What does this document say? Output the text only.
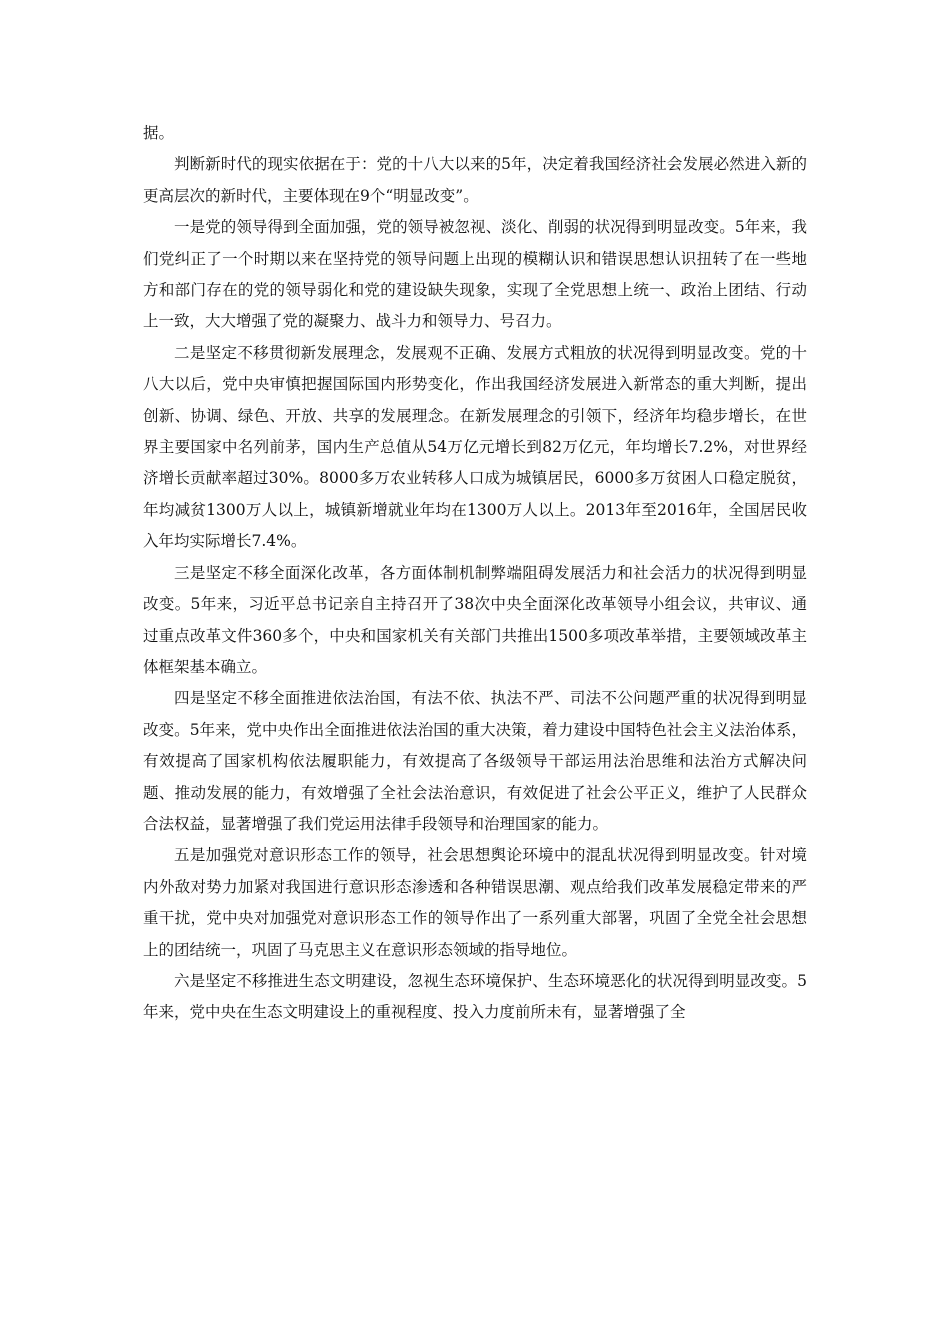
据。

判断新时代的现实依据在于：党的十八大以来的5年，决定着我国经济社会发展必然进入新的更高层次的新时代，主要体现在9个“明显改变”。

一是党的领导得到全面加强，党的领导被忽视、淡化、削弱的状况得到明显改变。5年来，我们党纠正了一个时期以来在坚持党的领导问题上出现的模糊认识和错误思想认识扭转了在一些地方和部门存在的党的领导弱化和党的建设缺失现象，实现了全党思想上统一、政治上团结、行动上一致，大大增强了党的凝聚力、战斗力和领导力、号召力。

二是坚定不移贯彻新发展理念，发展观不正确、发展方式粗放的状况得到明显改变。党的十八大以后，党中央审慎把握国际国内形势变化，作出我国经济发展进入新常态的重大判断，提出创新、协调、绿色、开放、共享的发展理念。在新发展理念的引领下，经济年均稳步增长，在世界主要国家中名列前茅，国内生产总值从54万亿元增长到82万亿元，年均增长7.2%，对世界经济增长贡献率超过30%。8000多万农业转移人口成为城镇居民，6000多万贫困人口稳定脱贫，年均减贫1300万人以上，城镇新增就业年均在1300万人以上。2013年至2016年，全国居民收入年均实际增长7.4%。

三是坚定不移全面深化改革，各方面体制机制弊端阻碍发展活力和社会活力的状况得到明显改变。5年来，习近平总书记亲自主持召开了38次中央全面深化改革领导小组会议，共审议、通过重点改革文件360多个，中央和国家机关有关部门共推出1500多项改革举措，主要领域改革主体框架基本确立。

四是坚定不移全面推进依法治国，有法不依、执法不严、司法不公问题严重的状况得到明显改变。5年来，党中央作出全面推进依法治国的重大决策，着力建设中国特色社会主义法治体系，有效提高了国家机构依法履职能力，有效提高了各级领导干部运用法治思维和法治方式解决问题、推动发展的能力，有效增强了全社会法治意识，有效促进了社会公平正义，维护了人民群众合法权益，显著增强了我们党运用法律手段领导和治理国家的能力。

五是加强党对意识形态工作的领导，社会思想舆论环境中的混乱状况得到明显改变。针对境内外敌对势力加紧对我国进行意识形态渗透和各种错误思潮、观点给我们改革发展稳定带来的严重干扰，党中央对加强党对意识形态工作的领导作出了一系列重大部署，巩固了全党全社会思想上的团结统一，巩固了马克思主义在意识形态领域的指导地位。

六是坚定不移推进生态文明建设，忽视生态环境保护、生态环境恶化的状况得到明显改变。5年来，党中央在生态文明建设上的重视程度、投入力度前所未有，显著增强了全
